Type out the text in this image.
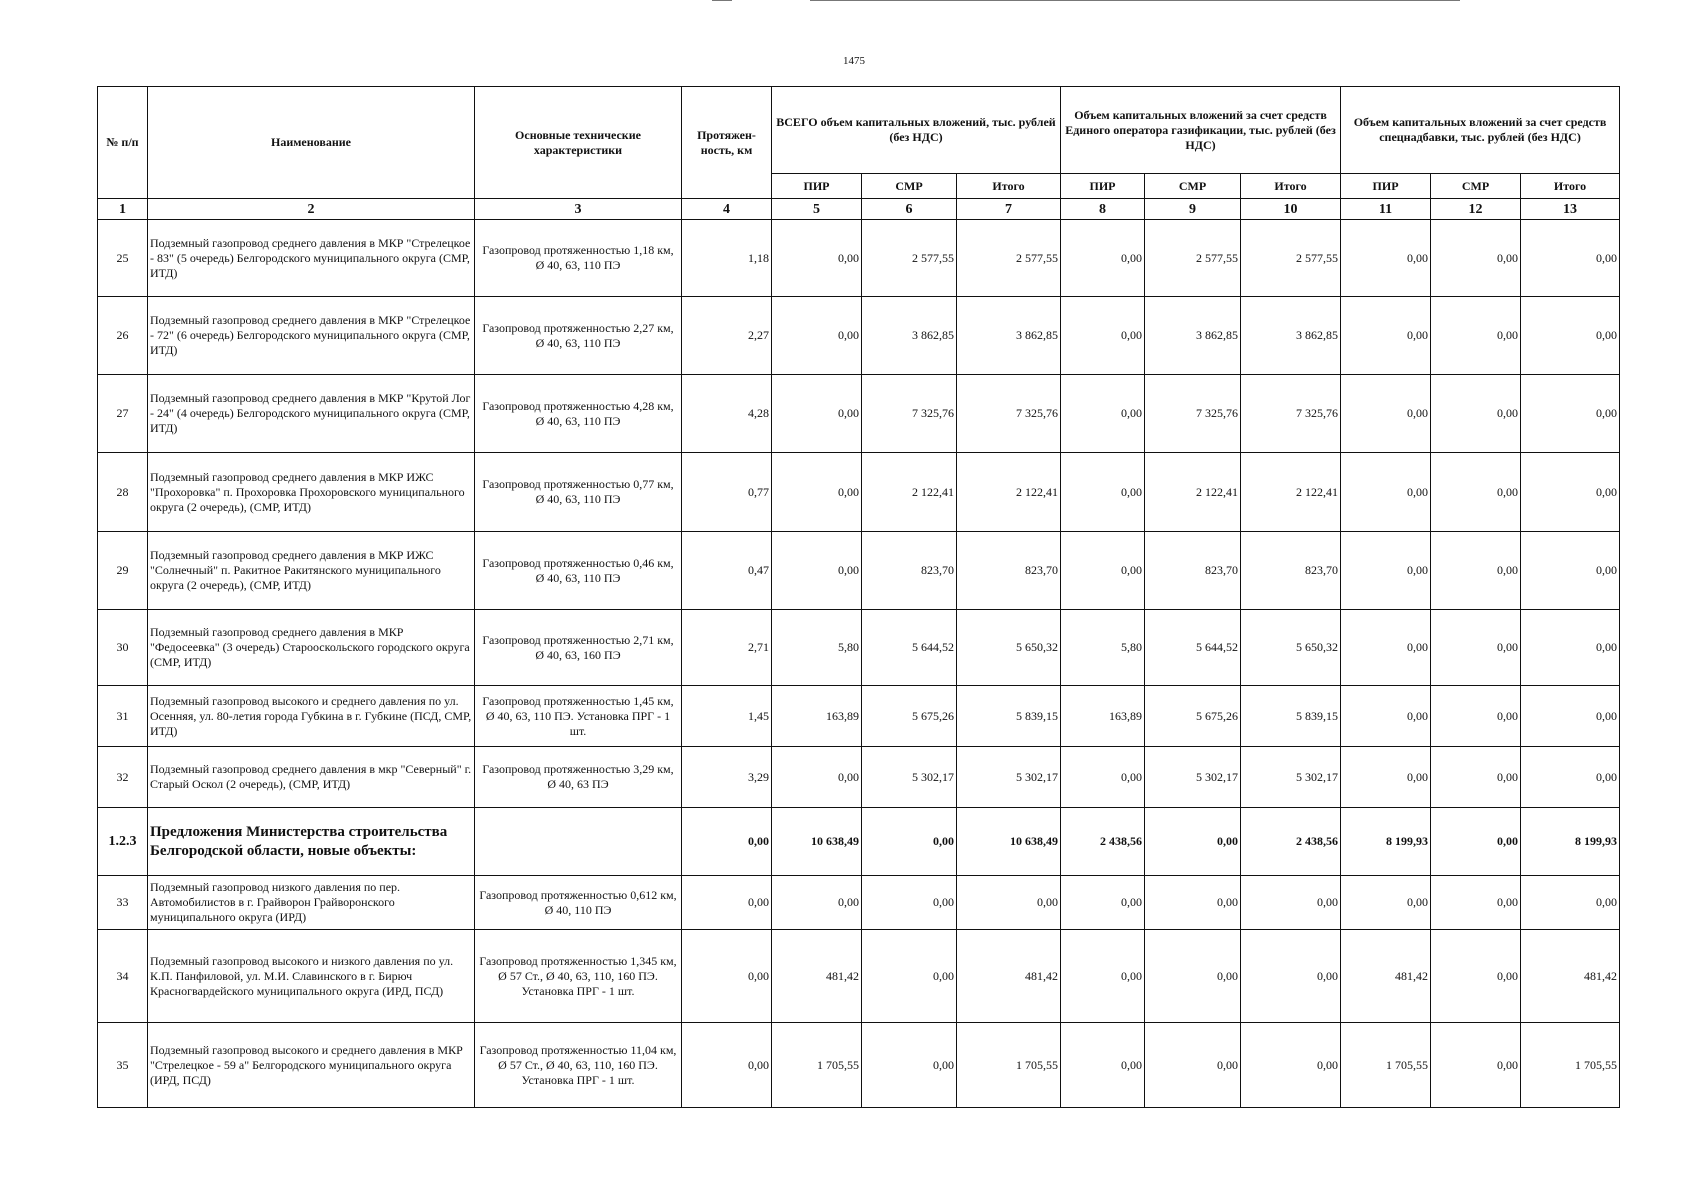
1475
№ п/п	Наименование	Основные технические характеристики	Протяжен-ность, км	ВСЕГО объем капитальных вложений, тыс. рублей (без НДС)			Объем капитальных вложений за счет средств Единого оператора газификации, тыс. рублей (без НДС)			Объем капитальных вложений за счет средств спецнадбавки, тыс. рублей (без НДС)		
				ПИР	СМР	Итого	ПИР	СМР	Итого	ПИР	СМР	Итого
1	2	3	4	5	6	7	8	9	10	11	12	13
25	Подземный газопровод среднего давления в МКР "Стрелецкое - 83" (5 очередь) Белгородского муниципального округа (СМР, ИТД)	Газопровод протяженностью 1,18 км, Ø 40, 63, 110 ПЭ	1,18	0,00	2 577,55	2 577,55	0,00	2 577,55	2 577,55	0,00	0,00	0,00
26	Подземный газопровод среднего давления в МКР "Стрелецкое - 72" (6 очередь) Белгородского муниципального округа (СМР, ИТД)	Газопровод протяженностью 2,27 км, Ø 40, 63, 110 ПЭ	2,27	0,00	3 862,85	3 862,85	0,00	3 862,85	3 862,85	0,00	0,00	0,00
27	Подземный газопровод среднего давления в МКР "Крутой Лог - 24" (4 очередь) Белгородского муниципального округа (СМР, ИТД)	Газопровод протяженностью 4,28 км, Ø 40, 63, 110 ПЭ	4,28	0,00	7 325,76	7 325,76	0,00	7 325,76	7 325,76	0,00	0,00	0,00
28	Подземный газопровод среднего давления в МКР ИЖС "Прохоровка" п. Прохоровка Прохоровского муниципального округа (2 очередь), (СМР, ИТД)	Газопровод протяженностью 0,77 км, Ø 40, 63, 110 ПЭ	0,77	0,00	2 122,41	2 122,41	0,00	2 122,41	2 122,41	0,00	0,00	0,00
29	Подземный газопровод среднего давления в МКР ИЖС "Солнечный" п. Ракитное Ракитянского муниципального округа (2 очередь), (СМР, ИТД)	Газопровод протяженностью 0,46 км, Ø 40, 63, 110 ПЭ	0,47	0,00	823,70	823,70	0,00	823,70	823,70	0,00	0,00	0,00
30	Подземный газопровод среднего давления в МКР "Федосеевка" (3 очередь) Старооскольского городского округа (СМР, ИТД)	Газопровод протяженностью 2,71 км, Ø 40, 63, 160 ПЭ	2,71	5,80	5 644,52	5 650,32	5,80	5 644,52	5 650,32	0,00	0,00	0,00
31	Подземный газопровод высокого и среднего давления по ул. Осенняя, ул. 80-летия города Губкина в г. Губкине (ПСД, СМР, ИТД)	Газопровод протяженностью 1,45 км, Ø 40, 63, 110 ПЭ. Установка ПРГ - 1 шт.	1,45	163,89	5 675,26	5 839,15	163,89	5 675,26	5 839,15	0,00	0,00	0,00
32	Подземный газопровод среднего давления в мкр "Северный" г. Старый Оскол (2 очередь), (СМР, ИТД)	Газопровод протяженностью 3,29 км, Ø 40, 63 ПЭ	3,29	0,00	5 302,17	5 302,17	0,00	5 302,17	5 302,17	0,00	0,00	0,00
1.2.3	Предложения Министерства строительства Белгородской области, новые объекты:		0,00	10 638,49	0,00	10 638,49	2 438,56	0,00	2 438,56	8 199,93	0,00	8 199,93
33	Подземный газопровод низкого давления по пер. Автомобилистов в г. Грайворон Грайворонского муниципального округа (ИРД)	Газопровод протяженностью 0,612 км, Ø 40, 110 ПЭ	0,00	0,00	0,00	0,00	0,00	0,00	0,00	0,00	0,00	0,00
34	Подземный газопровод высокого и низкого давления по ул. К.П. Панфиловой, ул. М.И. Славинского в г. Бирюч Красногвардейского муниципального округа (ИРД, ПСД)	Газопровод протяженностью 1,345 км, Ø 57 Ст., Ø 40, 63, 110, 160 ПЭ. Установка ПРГ - 1 шт.	0,00	481,42	0,00	481,42	0,00	0,00	0,00	481,42	0,00	481,42
35	Подземный газопровод высокого и среднего давления в МКР "Стрелецкое - 59 а" Белгородского муниципального округа (ИРД, ПСД)	Газопровод протяженностью 11,04 км, Ø 57 Ст., Ø 40, 63, 110, 160 ПЭ. Установка ПРГ - 1 шт.	0,00	1 705,55	0,00	1 705,55	0,00	0,00	0,00	1 705,55	0,00	1 705,55
